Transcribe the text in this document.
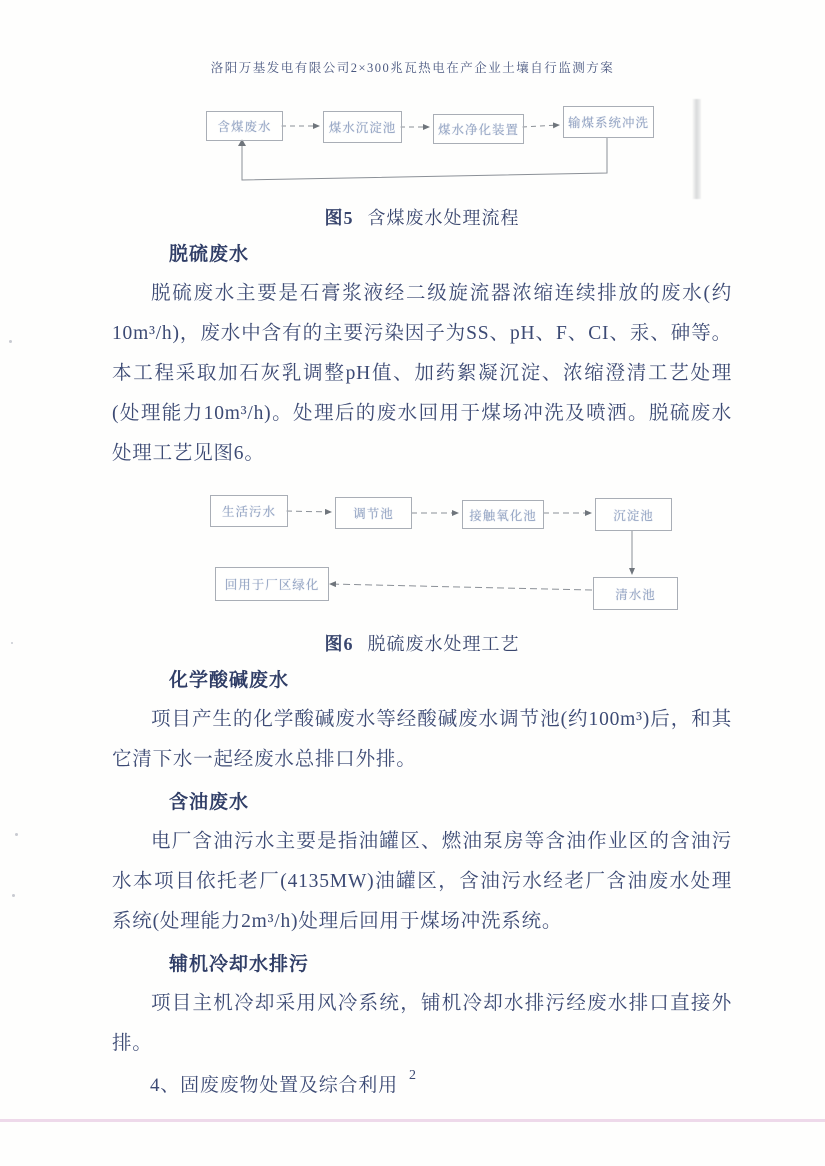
洛阳万基发电有限公司2×300兆瓦热电在产企业土壤自行监测方案
含煤废水	煤水沉淀池	煤水净化装置	输煤系统冲洗
图5 含煤废水处理流程
脱硫废水

脱硫废水主要是石膏浆液经二级旋流器浓缩连续排放的废水(约10m³/h)，废水中含有的主要污染因子为SS、pH、F、CI、汞、砷等。本工程采取加石灰乳调整pH值、加药絮凝沉淀、浓缩澄清工艺处理(处理能力10m³/h)。处理后的废水回用于煤场冲洗及喷洒。脱硫废水处理工艺见图6。

生活污水	调节池	接触氧化池	沉淀池
清水池
回用于厂区绿化
图6 脱硫废水处理工艺
化学酸碱废水

项目产生的化学酸碱废水等经酸碱废水调节池(约100m³)后，和其它清下水一起经废水总排口外排。

含油废水

电厂含油污水主要是指油罐区、燃油泵房等含油作业区的含油污水本项目依托老厂(4135MW)油罐区，含油污水经老厂含油废水处理系统(处理能力2m³/h)处理后回用于煤场冲洗系统。

辅机冷却水排污

项目主机冷却采用风冷系统，铺机冷却水排污经废水排口直接外排。

4、固废废物处置及综合利用 2
